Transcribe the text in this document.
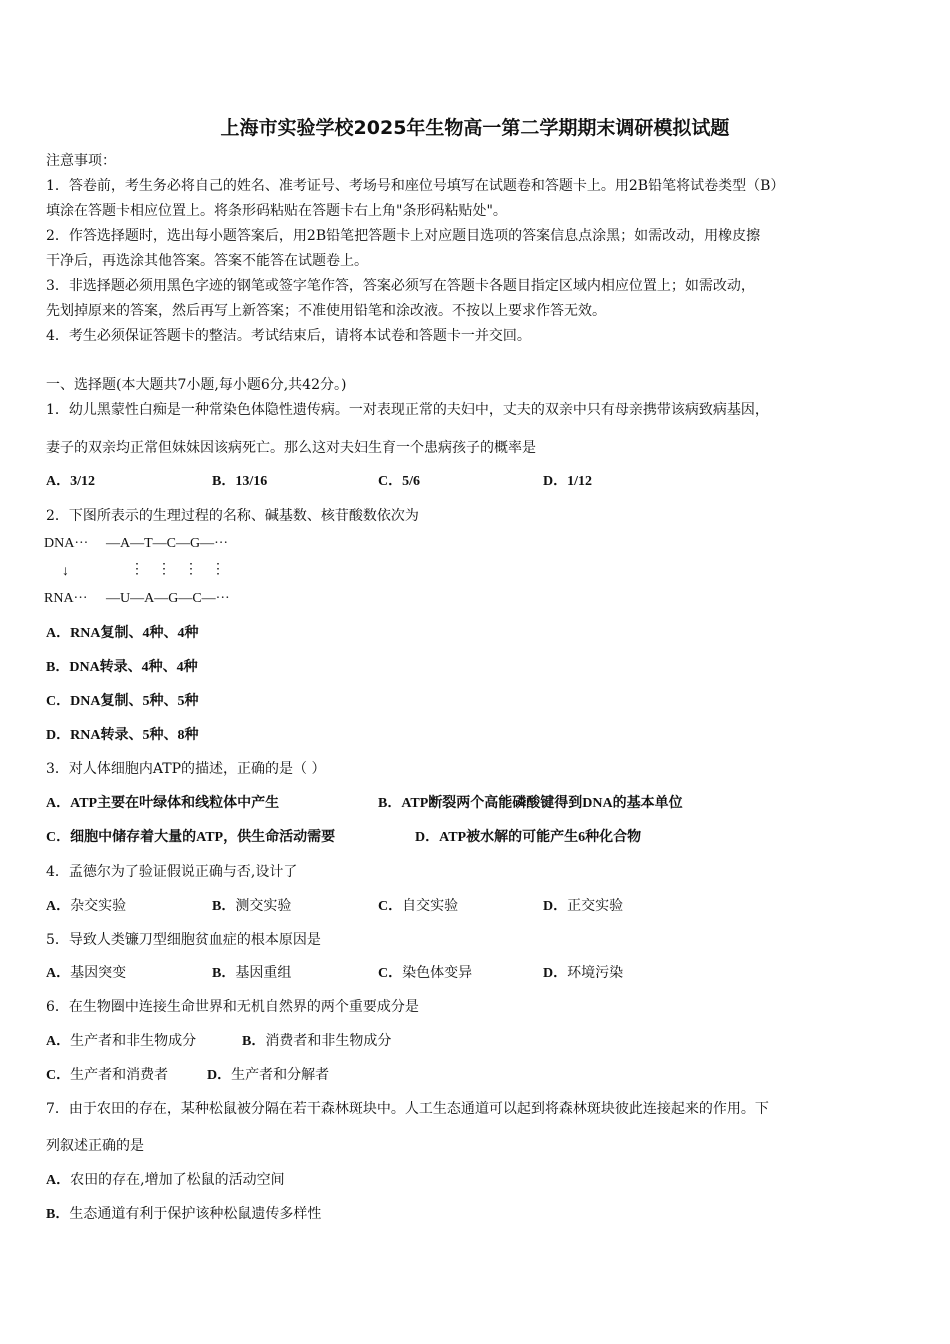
上海市实验学校2025年生物高一第二学期期末调研模拟试题
注意事项：
1．答卷前，考生务必将自己的姓名、准考证号、考场号和座位号填写在试题卷和答题卡上。用2B铅笔将试卷类型（B）
填涂在答题卡相应位置上。将条形码粘贴在答题卡右上角"条形码粘贴处"。
2．作答选择题时，选出每小题答案后，用2B铅笔把答题卡上对应题目选项的答案信息点涂黑；如需改动，用橡皮擦
干净后，再选涂其他答案。答案不能答在试题卷上。
3．非选择题必须用黑色字迹的钢笔或签字笔作答，答案必须写在答题卡各题目指定区域内相应位置上；如需改动，
先划掉原来的答案，然后再写上新答案；不准使用铅笔和涂改液。不按以上要求作答无效。
4．考生必须保证答题卡的整洁。考试结束后，请将本试卷和答题卡一并交回。
一、选择题(本大题共7小题,每小题6分,共42分。)
1．幼儿黑蒙性白痴是一种常染色体隐性遗传病。一对表现正常的夫妇中，丈夫的双亲中只有母亲携带该病致病基因，
妻子的双亲均正常但妹妹因该病死亡。那么这对夫妇生育一个患病孩子的概率是
A．3/12	B．13/16	C．5/6	D．1/12
2．下图所表示的生理过程的名称、碱基数、核苷酸数依次为
DNA··· —A—T—C—G—···
↓	⋮ ⋮ ⋮ ⋮
RNA··· —U—A—G—C—···
A．RNA复制、4种、4种
B．DNA转录、4种、4种
C．DNA复制、5种、5种
D．RNA转录、5种、8种
3．对人体细胞内ATP的描述，正确的是（ ）
A．ATP主要在叶绿体和线粒体中产生	B．ATP断裂两个高能磷酸键得到DNA的基本单位
C．细胞中储存着大量的ATP，供生命活动需要	D．ATP被水解的可能产生6种化合物
4．孟德尔为了验证假说正确与否,设计了
A．杂交实验	B．测交实验	C．自交实验	D．正交实验
5．导致人类镰刀型细胞贫血症的根本原因是
A．基因突变	B．基因重组	C．染色体变异	D．环境污染
6．在生物圈中连接生命世界和无机自然界的两个重要成分是
A．生产者和非生物成分	B．消费者和非生物成分
C．生产者和消费者	D．生产者和分解者
7．由于农田的存在，某种松鼠被分隔在若干森林斑块中。人工生态通道可以起到将森林斑块彼此连接起来的作用。下
列叙述正确的是
A．农田的存在,增加了松鼠的活动空间
B．生态通道有利于保护该种松鼠遗传多样性
